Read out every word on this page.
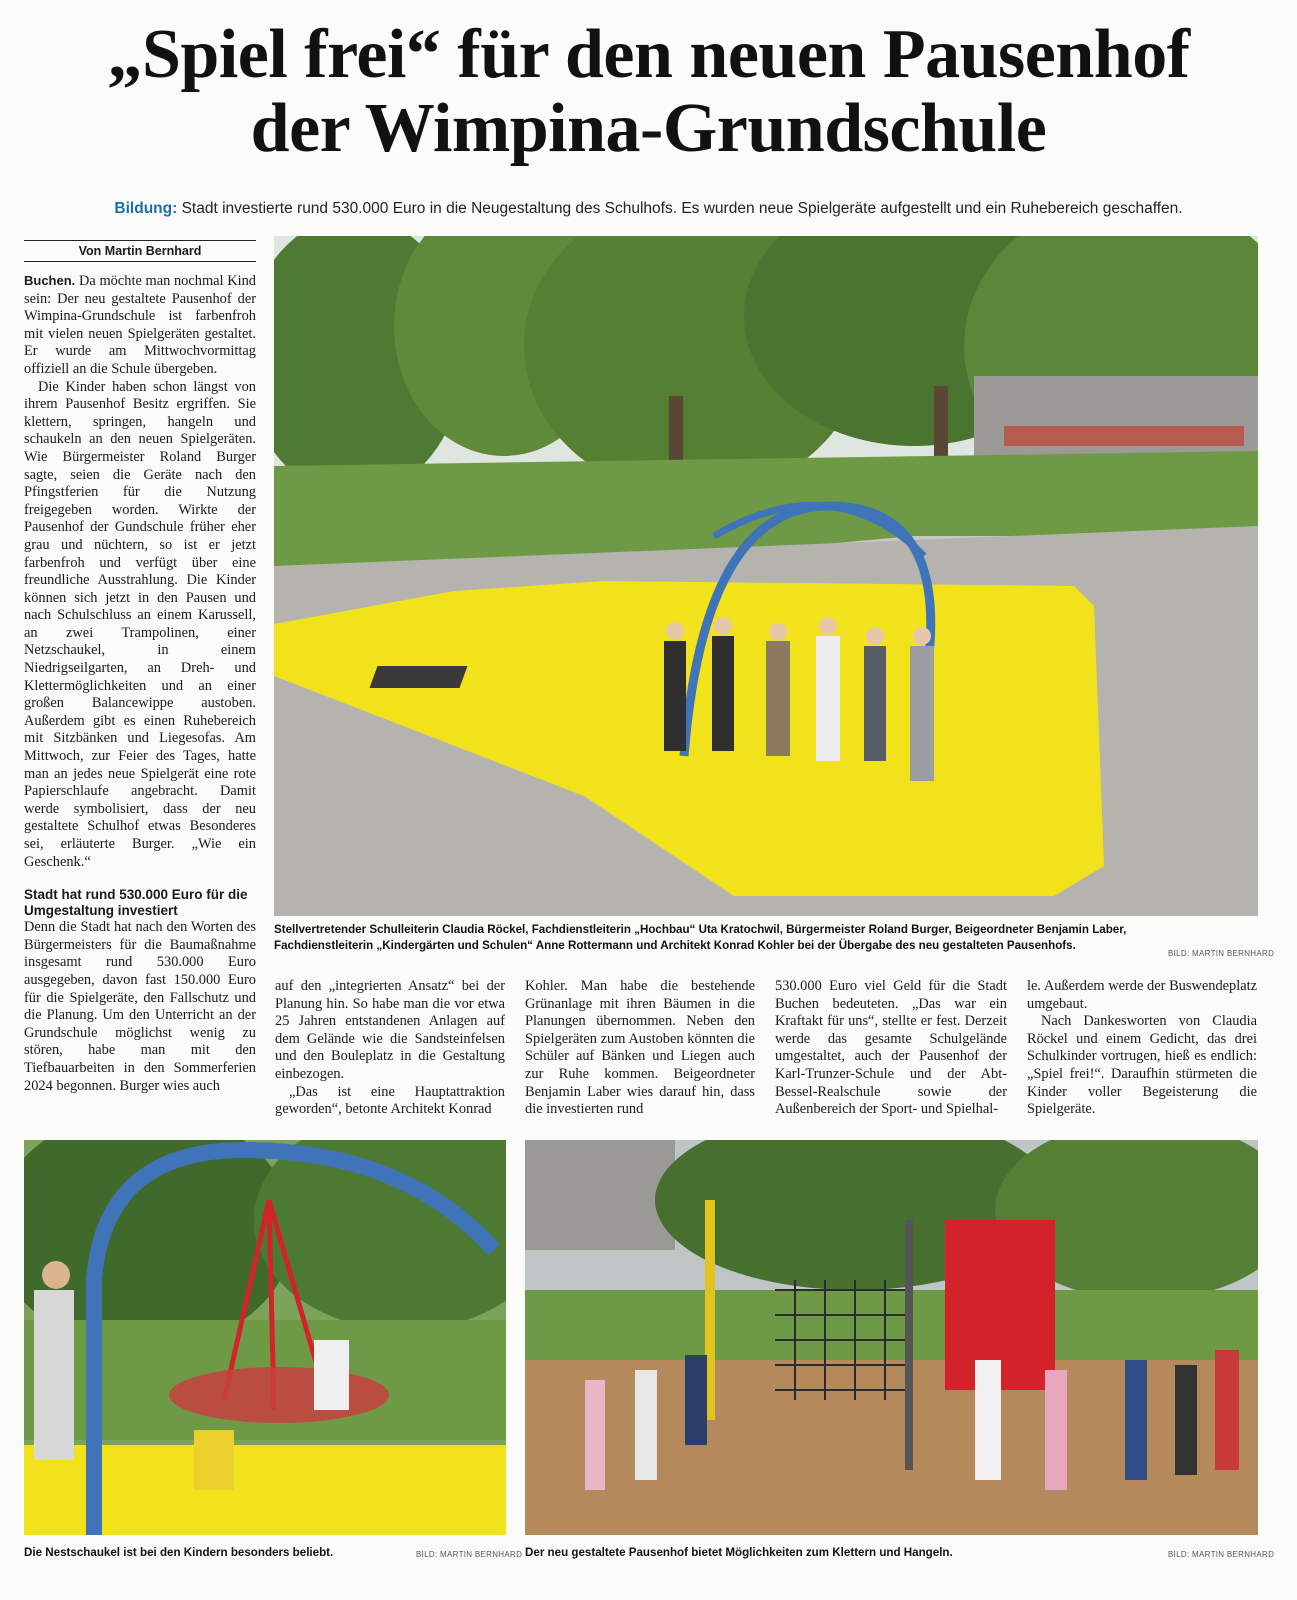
„Spiel frei“ für den neuen Pausenhof
der Wimpina-Grundschule
Bildung: Stadt investierte rund 530.000 Euro in die Neugestaltung des Schulhofs. Es wurden neue Spielgeräte aufgestellt und ein Ruhebereich geschaffen.
Von Martin Bernhard

Buchen. Da möchte man nochmal Kind sein: Der neu gestaltete Pausenhof der Wimpina-Grundschule ist farbenfroh mit vielen neuen Spielgeräten gestaltet. Er wurde am Mittwochvormittag offiziell an die Schule übergeben.

Die Kinder haben schon längst von ihrem Pausenhof Besitz ergriffen. Sie klettern, springen, hangeln und schaukeln an den neuen Spielgeräten. Wie Bürgermeister Roland Burger sagte, seien die Geräte nach den Pfingstferien für die Nutzung freigegeben worden. Wirkte der Pausenhof der Gundschule früher eher grau und nüchtern, so ist er jetzt farbenfroh und verfügt über eine freundliche Ausstrahlung. Die Kinder können sich jetzt in den Pausen und nach Schulschluss an einem Karussell, an zwei Trampolinen, einer Netzschaukel, in einem Niedrigseilgarten, an Dreh- und Klettermöglichkeiten und an einer großen Balancewippe austoben. Außerdem gibt es einen Ruhebereich mit Sitzbänken und Liegesofas. Am Mittwoch, zur Feier des Tages, hatte man an jedes neue Spielgerät eine rote Papierschlaufe angebracht. Damit werde symbolisiert, dass der neu gestaltete Schulhof etwas Besonderes sei, erläuterte Burger. „Wie ein Geschenk.“

Stadt hat rund 530.000 Euro für die Umgestaltung investiert

Denn die Stadt hat nach den Worten des Bürgermeisters für die Baumaßnahme insgesamt rund 530.000 Euro ausgegeben, davon fast 150.000 Euro für die Spielgeräte, den Fallschutz und die Planung. Um den Unterricht an der Grundschule möglichst wenig zu stören, habe man mit den Tiefbauarbeiten in den Sommerferien 2024 begonnen. Burger wies auch

auf den „integrierten Ansatz“ bei der Planung hin. So habe man die vor etwa 25 Jahren entstandenen Anlagen auf dem Gelände wie die Sandsteinfelsen und den Bouleplatz in die Gestaltung einbezogen.

„Das ist eine Hauptattraktion geworden“, betonte Architekt Konrad

Kohler. Man habe die bestehende Grünanlage mit ihren Bäumen in die Planungen übernommen. Neben den Spielgeräten zum Austoben könnten die Schüler auf Bänken und Liegen auch zur Ruhe kommen. Beigeordneter Benjamin Laber wies darauf hin, dass die investierten rund

530.000 Euro viel Geld für die Stadt Buchen bedeuteten. „Das war ein Kraftakt für uns“, stellte er fest. Derzeit werde das gesamte Schulgelände umgestaltet, auch der Pausenhof der Karl-Trunzer-Schule und der Abt-Bessel-Realschule sowie der Außenbereich der Sport- und Spielhal-

le. Außerdem werde der Buswendeplatz umgebaut.

Nach Dankesworten von Claudia Röckel und einem Gedicht, das drei Schulkinder vortrugen, hieß es endlich: „Spiel frei!“. Daraufhin stürmeten die Kinder voller Begeisterung die Spielgeräte.

Stellvertretender Schulleiterin Claudia Röckel, Fachdienstleiterin „Hochbau“ Uta Kratochwil, Bürgermeister Roland Burger, Beigeordneter Benjamin Laber, Fachdienstleiterin „Kindergärten und Schulen“ Anne Rottermann und Architekt Konrad Kohler bei der Übergabe des neu gestalteten Pausenhofs.
BILD: MARTIN BERNHARD
Die Nestschaukel ist bei den Kindern besonders beliebt.	BILD: MARTIN BERNHARD Der neu gestaltete Pausenhof bietet Möglichkeiten zum Klettern und Hangeln.	BILD: MARTIN BERNHARD
